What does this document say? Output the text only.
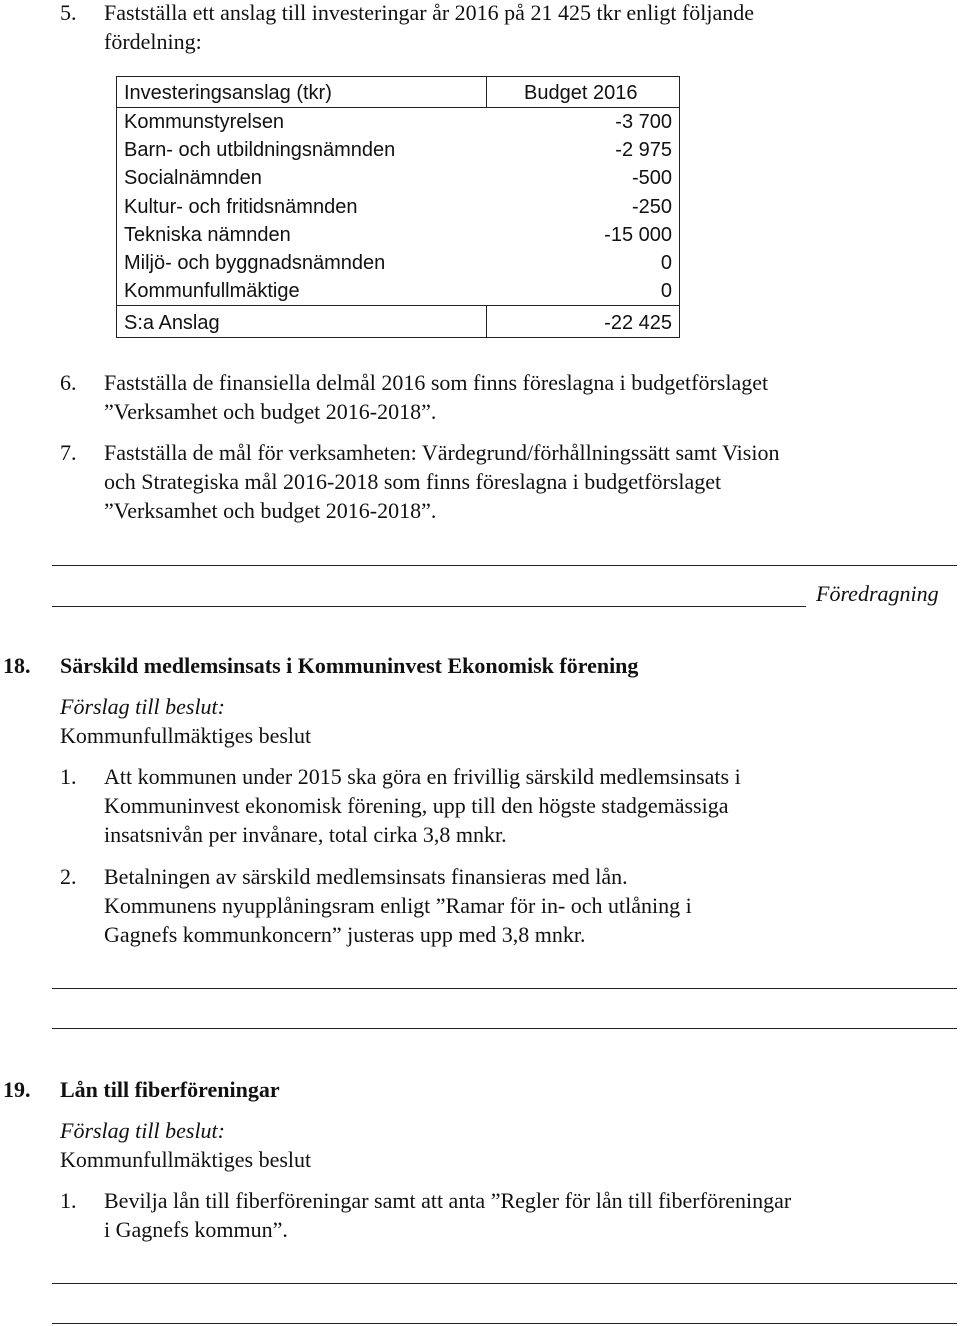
5.	Fastställa ett anslag till investeringar år 2016 på 21 425 tkr enligt följande
fördelning:
Investeringsanslag (tkr)	Budget 2016
Kommunstyrelsen	-3 700
Barn- och utbildningsnämnden	-2 975
Socialnämnden	-500
Kultur- och fritidsnämnden	-250
Tekniska nämnden	-15 000
Miljö- och byggnadsnämnden	0
Kommunfullmäktige	0
S:a Anslag	-22 425
6.	Fastställa de finansiella delmål 2016 som finns föreslagna i budgetförslaget
”Verksamhet och budget 2016-2018”.
7.	Fastställa de mål för verksamheten: Värdegrund/förhållningssätt samt Vision
och Strategiska mål 2016-2018 som finns föreslagna i budgetförslaget
”Verksamhet och budget 2016-2018”.
Föredragning
18. Särskild medlemsinsats i Kommuninvest Ekonomisk förening
Förslag till beslut:
Kommunfullmäktiges beslut
1.	Att kommunen under 2015 ska göra en frivillig särskild medlemsinsats i
Kommuninvest ekonomisk förening, upp till den högste stadgemässiga
insatsnivån per invånare, total cirka 3,8 mnkr.
2.	Betalningen av särskild medlemsinsats finansieras med lån.
Kommunens nyupplåningsram enligt ”Ramar för in- och utlåning i
Gagnefs kommunkoncern” justeras upp med 3,8 mnkr.
19. Lån till fiberföreningar
Förslag till beslut:
Kommunfullmäktiges beslut
1.	Bevilja lån till fiberföreningar samt att anta ”Regler för lån till fiberföreningar
i Gagnefs kommun”.
